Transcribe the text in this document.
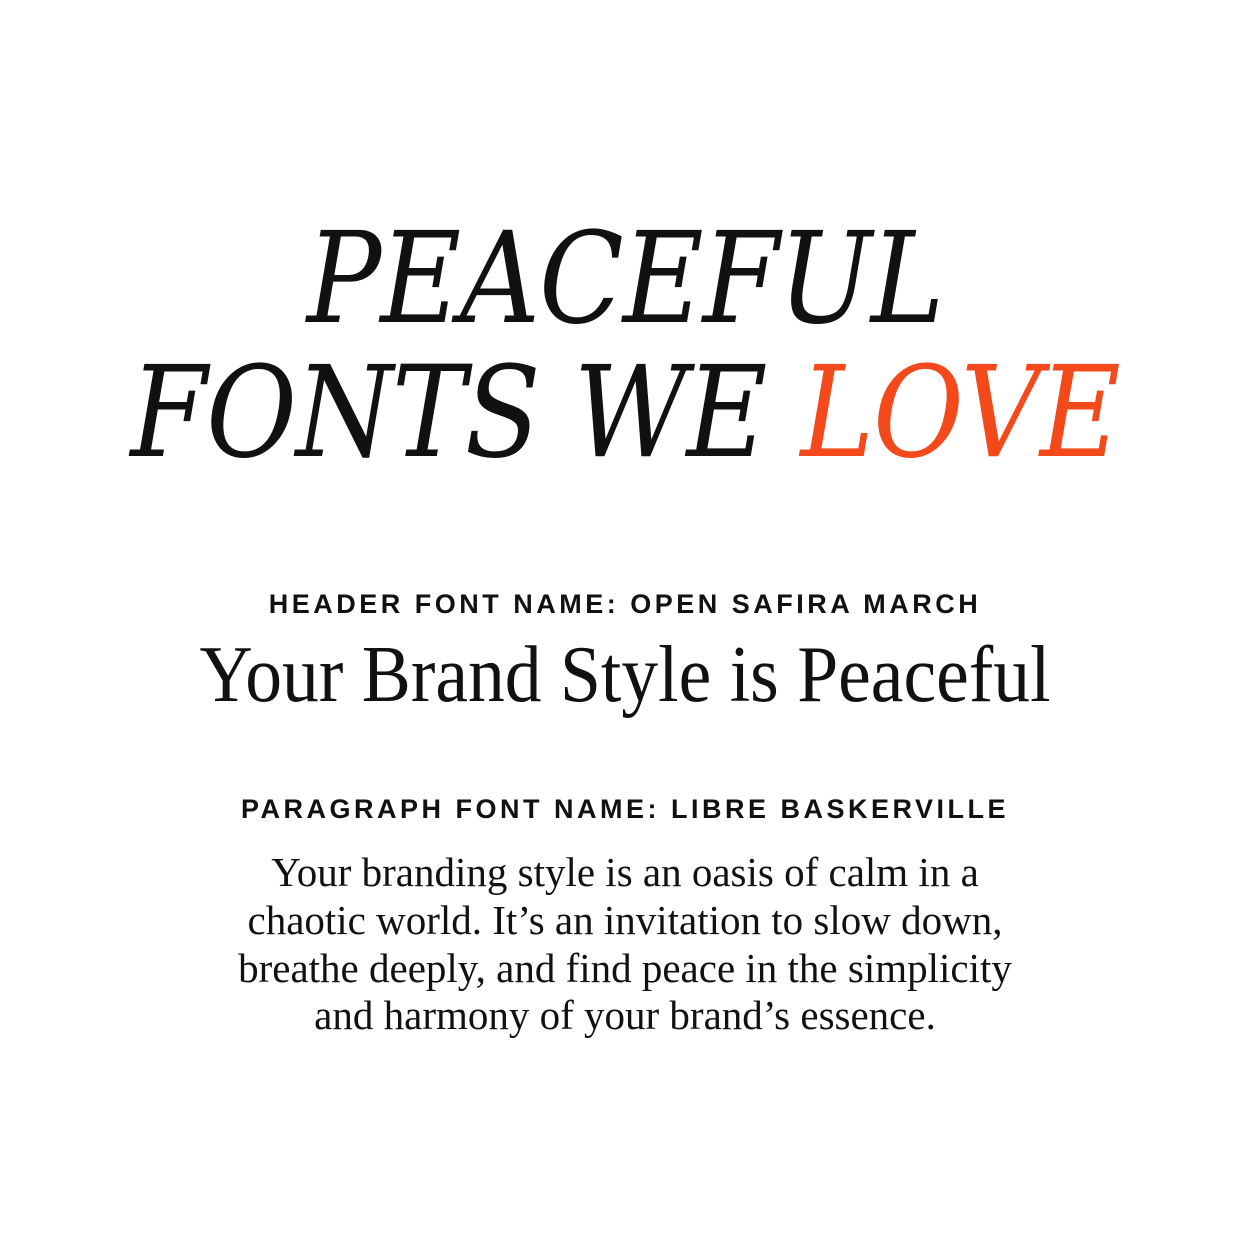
PEACEFUL
FONTS WE LOVE
HEADER FONT NAME: OPEN SAFIRA MARCH
Your Brand Style is Peaceful
PARAGRAPH FONT NAME: LIBRE BASKERVILLE

Your branding style is an oasis of calm in a
chaotic world. It’s an invitation to slow down,
breathe deeply, and find peace in the simplicity
and harmony of your brand’s essence.
